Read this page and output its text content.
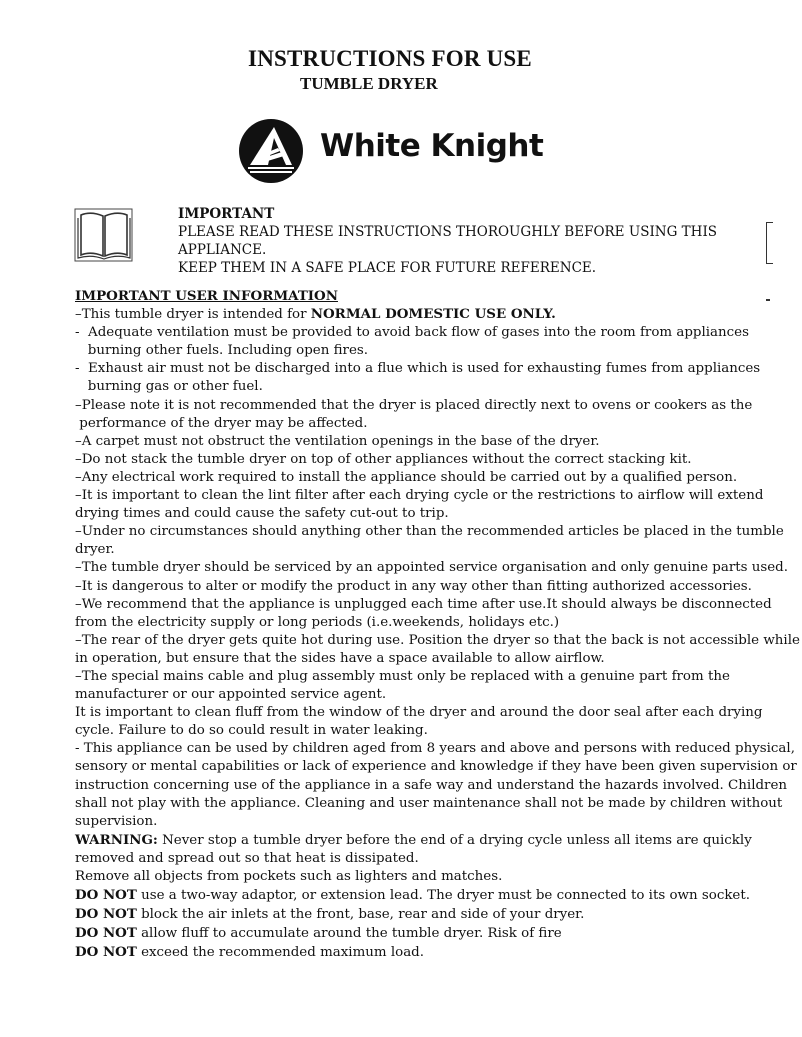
INSTRUCTIONS FOR USE
TUMBLE DRYER
White Knight
IMPORTANT
PLEASE READ THESE INSTRUCTIONS THOROUGHLY BEFORE USING THIS
APPLIANCE.
KEEP THEM IN A SAFE PLACE FOR FUTURE REFERENCE.
IMPORTANT USER INFORMATION
–This tumble dryer is intended for NORMAL DOMESTIC USE ONLY.
-  Adequate ventilation must be provided to avoid back flow of gases into the room from appliances
burning other fuels. Including open fires.
-  Exhaust air must not be discharged into a flue which is used for exhausting fumes from appliances
burning gas or other fuel.
–Please note it is not recommended that the dryer is placed directly next to ovens or cookers as the
performance of the dryer may be affected.
–A carpet must not obstruct the ventilation openings in the base of the dryer.
–Do not stack the tumble dryer on top of other appliances without the correct stacking kit.
–Any electrical work required to install the appliance should be carried out by a qualified person.
–It is important to clean the lint filter after each drying cycle or the restrictions to airflow will extend
drying times and could cause the safety cut-out to trip.
–Under no circumstances should anything other than the recommended articles be placed in the tumble
dryer.
–The tumble dryer should be serviced by an appointed service organisation and only genuine parts used.
–It is dangerous to alter or modify the product in any way other than fitting authorized accessories.
–We recommend that the appliance is unplugged each time after use.It should always be disconnected
from the electricity supply or long periods (i.e.weekends, holidays etc.)
–The rear of the dryer gets quite hot during use. Position the dryer so that the back is not accessible while
in operation, but ensure that the sides have a space available to allow airflow.
–The special mains cable and plug assembly must only be replaced with a genuine part from the
manufacturer or our appointed service agent.
It is important to clean fluff from the window of the dryer and around the door seal after each drying
cycle. Failure to do so could result in water leaking.
- This appliance can be used by children aged from 8 years and above and persons with reduced physical,
sensory or mental capabilities or lack of experience and knowledge if they have been given supervision or
instruction concerning use of the appliance in a safe way and understand the hazards involved. Children
shall not play with the appliance. Cleaning and user maintenance shall not be made by children without
supervision.
WARNING: Never stop a tumble dryer before the end of a drying cycle unless all items are quickly
removed and spread out so that heat is dissipated.
Remove all objects from pockets such as lighters and matches.
DO NOT use a two-way adaptor, or extension lead. The dryer must be connected to its own socket.
DO NOT block the air inlets at the front, base, rear and side of your dryer.
DO NOT allow fluff to accumulate around the tumble dryer. Risk of fire
DO NOT exceed the recommended maximum load.
